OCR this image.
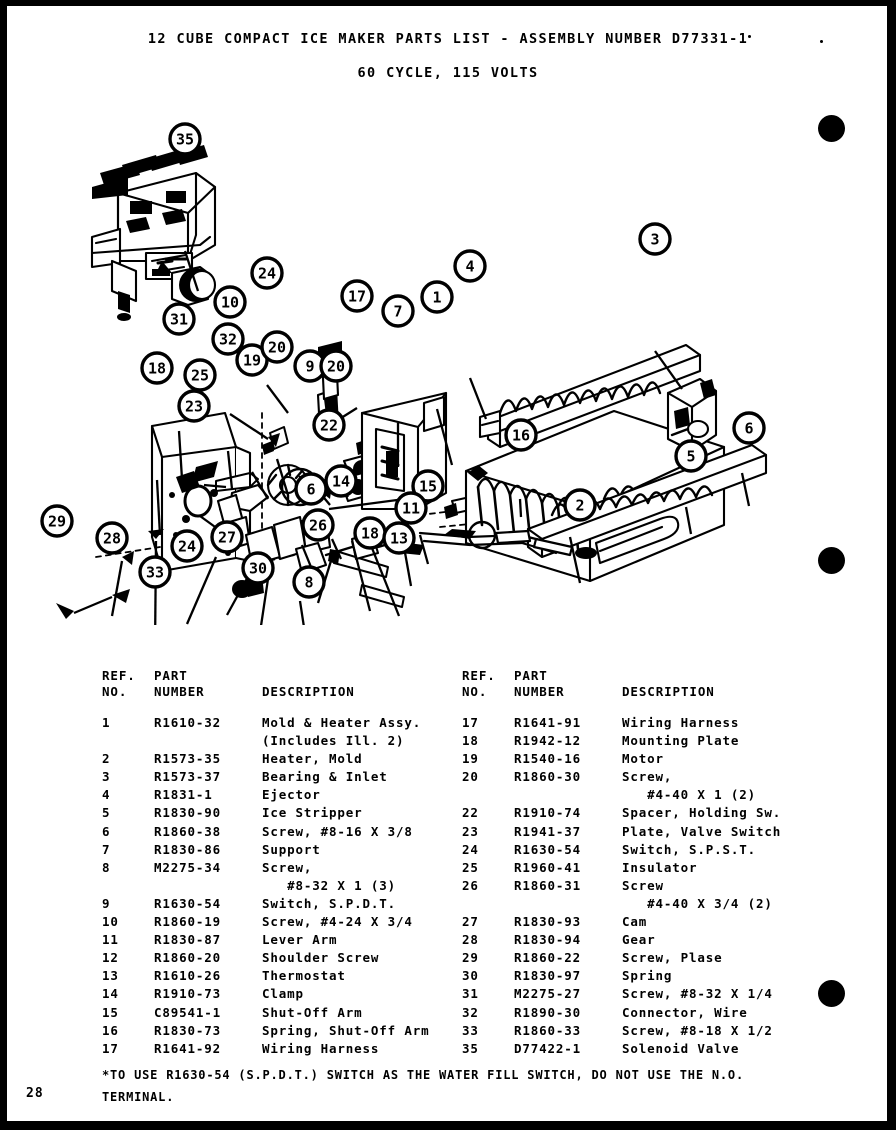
12 CUBE COMPACT ICE MAKER PARTS LIST - ASSEMBLY NUMBER D77331-1
60 CYCLE, 115 VOLTS
35
24
10	17
7
1
4
3
31
32
19
20
9 20
18 25
23
22
16	6
5
2
29
28
33
24 27
30
8
6 14
26 18 13
15
11
REF.
NO.
PART
NUMBER	DESCRIPTION
1	R1610-32	Mold & Heater Assy.
(Includes Ill. 2)
2	R1573-35	Heater, Mold
3	R1573-37	Bearing & Inlet
4	R1831-1	Ejector
5	R1830-90	Ice Stripper
6	R1860-38	Screw, #8-16 X 3/8
7	R1830-86	Support
8	M2275-34	Screw,
#8-32 X 1 (3)
9	R1630-54	Switch, S.P.D.T.
10	R1860-19	Screw, #4-24 X 3/4
11	R1830-87	Lever Arm
12	R1860-20	Shoulder Screw
13	R1610-26	Thermostat
14	R1910-73	Clamp
15	C89541-1	Shut-Off Arm
16	R1830-73	Spring, Shut-Off Arm
17	R1641-92	Wiring Harness
REF.
NO.
PART
NUMBER	DESCRIPTION
17	R1641-91	Wiring Harness
18	R1942-12	Mounting Plate
19	R1540-16	Motor
20	R1860-30	Screw,
#4-40 X 1 (2)
22	R1910-74	Spacer, Holding Sw.
23	R1941-37	Plate, Valve Switch
24	R1630-54	Switch, S.P.S.T.
25	R1960-41	Insulator
26	R1860-31	Screw
#4-40 X 3/4 (2)
27	R1830-93	Cam
28	R1830-94	Gear
29	R1860-22	Screw, Plase
30	R1830-97	Spring
31	M2275-27	Screw, #8-32 X 1/4
32	R1890-30	Connector, Wire
33	R1860-33	Screw, #8-18 X 1/2
35	D77422-1	Solenoid Valve
*TO USE R1630-54 (S.P.D.T.) SWITCH AS THE WATER FILL SWITCH, DO NOT USE THE N.O.
TERMINAL.
28
